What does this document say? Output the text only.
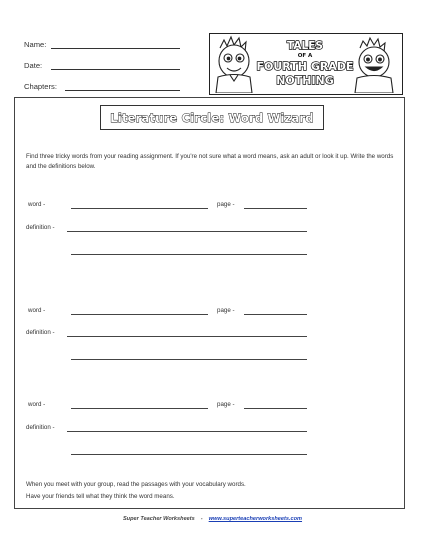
Name:
Date:
Chapters:
TALES
OF A
FOURTH GRADE
NOTHING
Literature Circle: Word Wizard
Find three tricky words from your reading assignment. If you're not sure what a word means, ask an adult or look it up. Write the words and the definitions below.
word -	page -
definition -
word -	page -
definition -
word -	page -
definition -
When you meet with your group, read the passages with your vocabulary words.
Have your friends tell what they think the word means.
Super Teacher Worksheets - www.superteacherworksheets.com
